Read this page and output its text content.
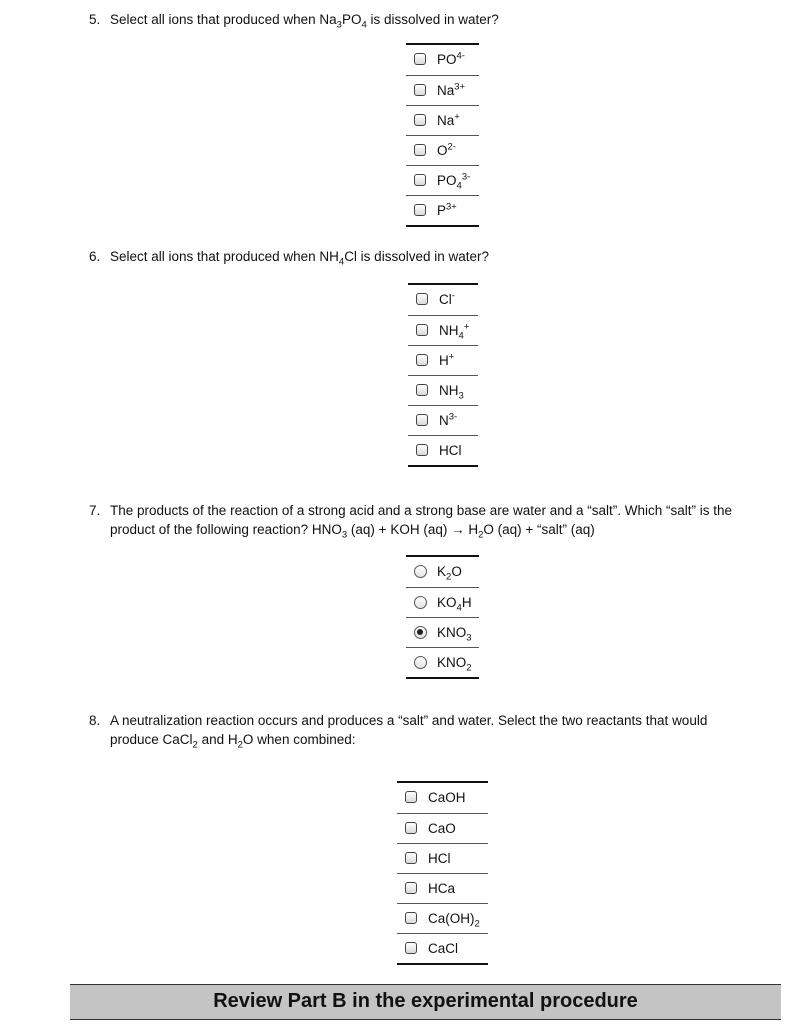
5. Select all ions that produced when $Na_3PO_4$ is dissolved in water?
$PO^{4-}$
$Na^{3+}$
Na+
$O^{2-}$
$PO_4^{3-}$
$P^{3+}$
6. Select all ions that produced when $NH_4Cl$ is dissolved in water?
Cl-
$NH_4^+$
H+
$NH_3$
$N^{3-}$
HCl
7. The products of the reaction of a strong acid and a strong base are water and a “salt”. Which “salt” is the
product of the following reaction? $HNO_3$ (aq) + KOH $(aq) \to H_2O$ (aq) + “salt” (aq)
$K_2O$
$KO_4H$
$KNO_3$
$KNO_2$
8. A neutralization reaction occurs and produces a “salt” and water. Select the two reactants that would
produce CaCl$_2$ and $H_2O$ when combined:
CaOH
CaO
HCl
HCa
$Ca(OH)_2$
CaCl
Review Part B in the experimental procedure
